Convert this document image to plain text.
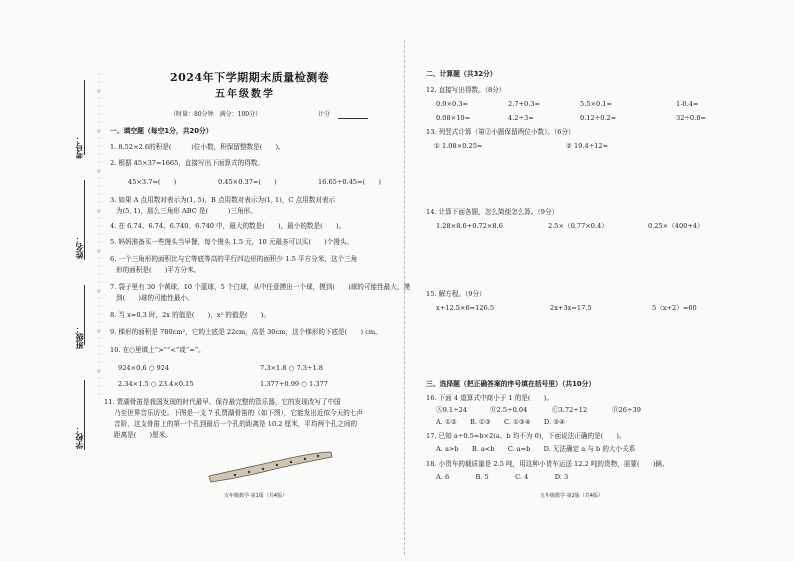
·
·
☆
·
·
·
·
☆
·
·
·
·
☆
·
·
·
·
☆
·
·
·
·
☆
·
·
·
·
☆
·
·
·
·
☆
·
·
·
·
☆
·
·
·
考号：
姓名：
班级：
学校：
2024年下学期期末质量检测卷
五年级数学
（时量：80分钟　满分：100分）	计分
一、填空题（每空1分，共20分）
1. 8.52×2.6的积是(　　　)位小数，积保留整数是(　　)。
2. 根据 45×37=1665，直接写出下面算式的得数。
45×3.7=(　　)	0.45×0.37=(　　)	16.65÷0.45=(　　)
3. 如果 A 点用数对表示为(1, 5)，B 点用数对表示为(1, 1)，C 点用数对表示
为(5, 1)，那么三角形 ABC 是(　　　)三角形。
4. 在 6.74、6.74̇、6.740、6.7̇40̇ 中，最大的数是(　　)，最小的数是(　　)。
5. 妈妈准备买一些馒头当早餐，每个馒头 1.5 元，10 元最多可以买(　　)个馒头。
6. 一个三角形的面积比与它等底等高的平行四边形的面积少 1.5 平方分米，这个三角
形的面积是(　　)平方分米。
7. 袋子里有 30 个黄球，10 个蓝球，5 个白球，从中任意摸出一个球，摸到(　　)球的可能性最大，摸
到(　　)球的可能性最小。
8. 当 x=0.3 时，2x 的值是(　　)，x² 的值是(　　)。
9. 梯形的面积是 780cm²，它的上底是 22cm，高是 30cm，这个梯形的下底是(　　) cm。
10. 在○里填上“>”“<”或“=”。
924×0.6 ○ 924	7.3×1.8 ○ 7.3÷1.8
2.34×1.5 ○ 23.4×0.15	1.377÷0.99 ○ 1.377
11. 贾湖骨笛是我国发现的时代最早、保存最完整的管乐器，它的发现改写了中国
乃至世界音乐历史。下图是一支 7 孔贾湖骨笛的（如下图），它能发出近似今天的七声
音阶，这支骨笛上的第一个孔到最后一个孔的距离是 10.2 厘米，平均两个孔之间的
距离是(　　)厘米。
五年级数学·第1版（共4版）
二、计算题（共32分）
12. 直接写出得数。（8分）
0.9×0.3=	2.7+0.3=	5.5×0.1=	1-0.4=
0.08×10=	4.2÷3=	0.12÷0.2=	32÷0.8=
13. 列竖式计算（第②小题保留两位小数）。（6分）
① 1.08×0.25=	② 19.4÷12≈
14. 计算下面各题，怎么简便怎么算。（9分）
1.28×8.6+0.72×8.6	2.5×（0.77×0.4）	0.25×（400+4）
15. 解方程。（9分）
x+12.5×6=126.5	2x+3x=17.5	5（x+2）=60
三、选择题（把正确答案的序号填在括号里）（共10分）
16. 下面 4 道算式中商小于 1 的是(　　)。
Ⓐ9.1÷24	Ⓑ2.5÷0.04	Ⓒ3.72÷12	Ⓓ26÷39
A. ①②　　B. ①③　　C. ①③④　　D. ③④
17. 已知 a÷0.5=b×2(a、b 均不为 0)，下面说法正确的是(　　)。
A. a>b　　B. a<b　　C. a=b　　D. 无法确定 a 与 b 的大小关系
18. 小货车的载质量是 2.5 吨，用这种小货车运送 12.2 吨的货物，需要(　　)辆。
A. 6　　　　B. 5　　　　C. 4　　　　D. 3
五年级数学·第2版（共4版）
